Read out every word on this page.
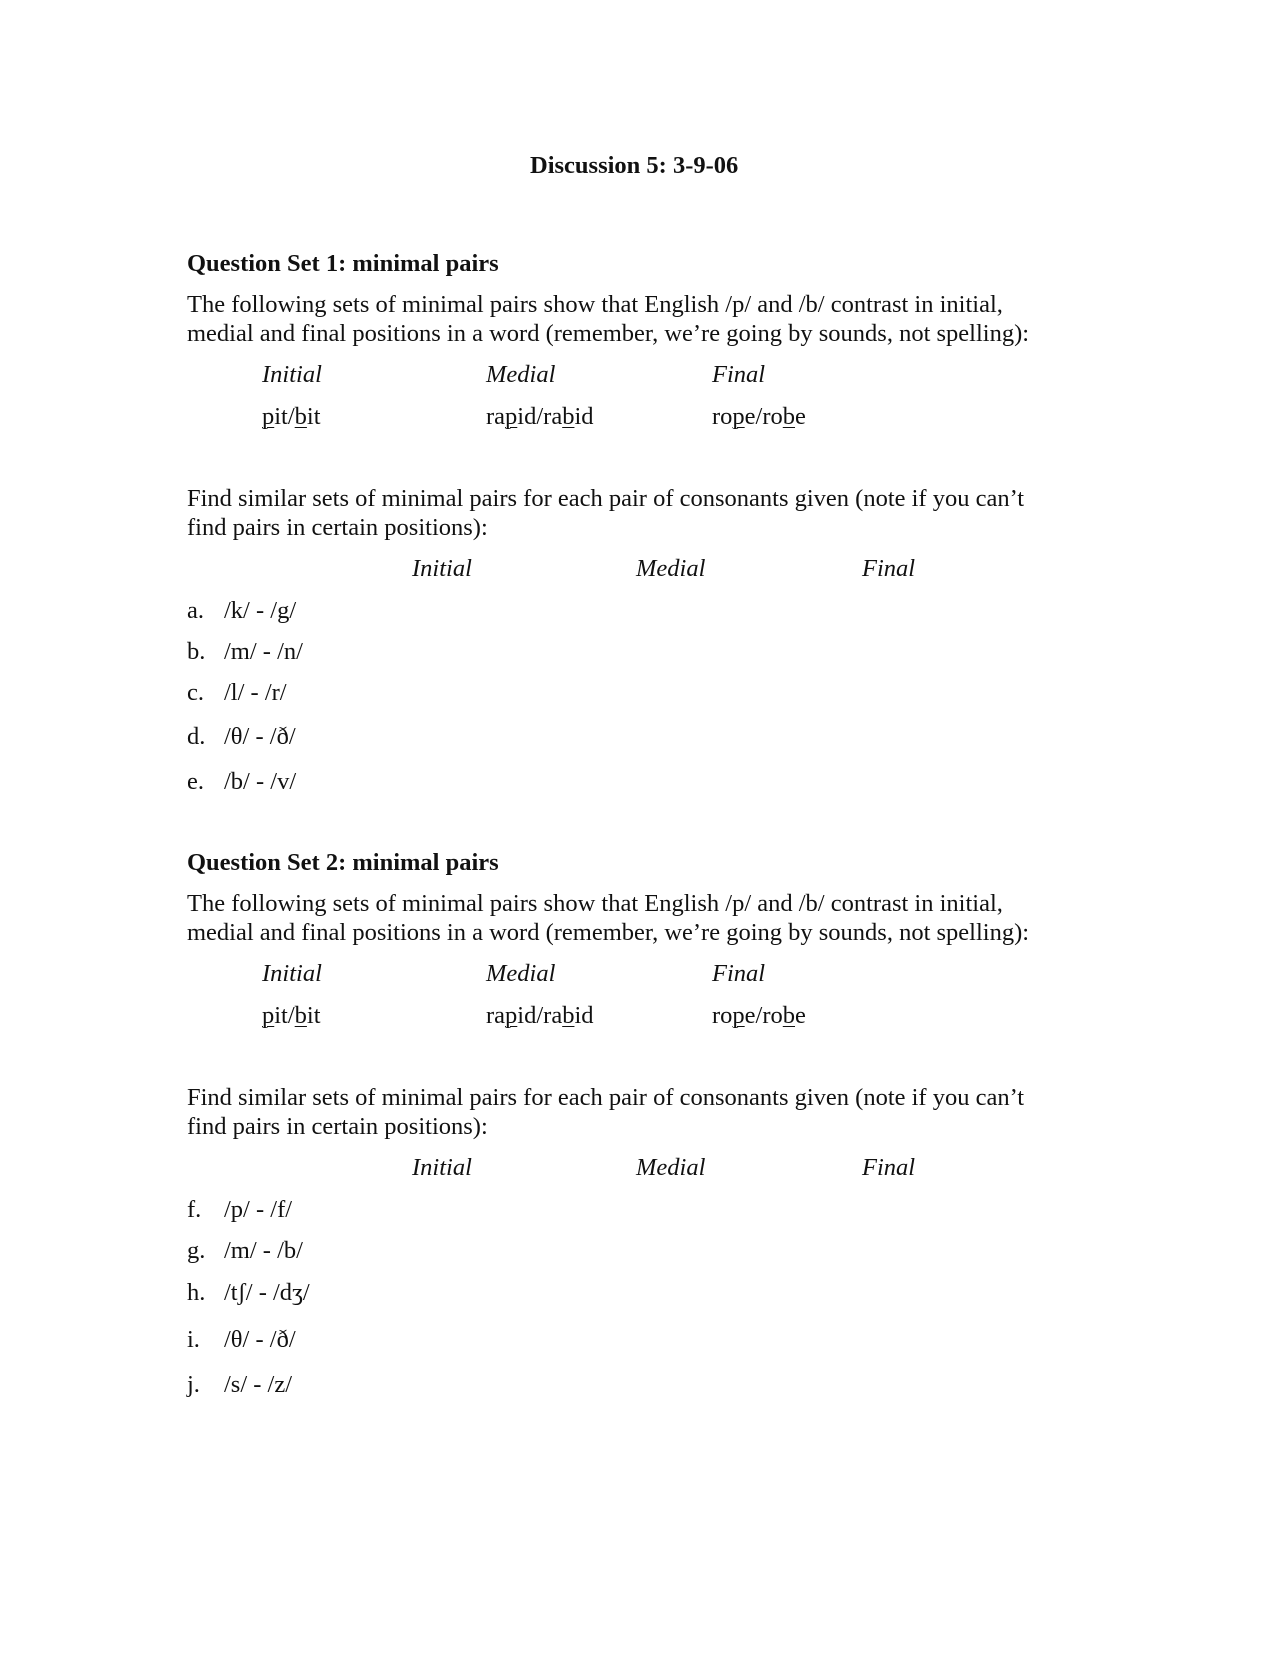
Discussion 5: 3-9-06
Question Set 1: minimal pairs
The following sets of minimal pairs show that English /p/ and /b/ contrast in initial,
medial and final positions in a word (remember, we’re going by sounds, not spelling):
Initial	Medial	Final
pit/bit	rapid/rabid	rope/robe
Find similar sets of minimal pairs for each pair of consonants given (note if you can’t
find pairs in certain positions):
Initial	Medial	Final
a. /k/ - /g/
b. /m/ - /n/
c. /l/ - /r/
d. /θ/ - /ð/
e. /b/ - /v/
Question Set 2: minimal pairs
The following sets of minimal pairs show that English /p/ and /b/ contrast in initial,
medial and final positions in a word (remember, we’re going by sounds, not spelling):
Initial	Medial	Final
pit/bit	rapid/rabid	rope/robe
Find similar sets of minimal pairs for each pair of consonants given (note if you can’t
find pairs in certain positions):
Initial	Medial	Final
f. /p/ - /f/
g. /m/ - /b/
h. /tʃ/ - /dʒ/
i. /θ/ - /ð/
j. /s/ - /z/
